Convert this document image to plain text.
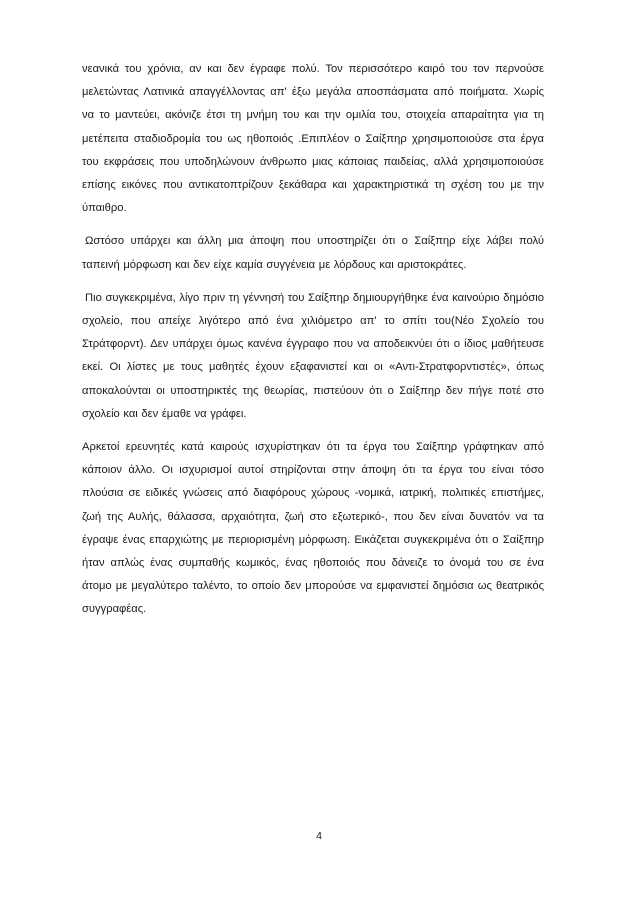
νεανικά του χρόνια, αν και δεν έγραφε πολύ. Τον περισσότερο καιρό του τον περνούσε μελετώντας Λατινικά απαγγέλλοντας απ' έξω μεγάλα αποσπάσματα από ποιήματα. Χωρίς να το μαντεύει, ακόνιζε έτσι τη μνήμη του και την ομιλία του, στοιχεία απαραίτητα για τη μετέπειτα σταδιοδρομία του ως ηθοποιός .Επιπλέον ο Σαίξπηρ χρησιμοποιούσε στα έργα του εκφράσεις που υποδηλώνουν άνθρωπο μιας κάποιας παιδείας, αλλά χρησιμοποιούσε επίσης εικόνες που αντικατοπτρίζουν ξεκάθαρα και χαρακτηριστικά τη σχέση του με την ύπαιθρο.

Ωστόσο υπάρχει και άλλη μια άποψη που υποστηρίζει ότι ο Σαίξπηρ είχε λάβει πολύ ταπεινή μόρφωση και δεν είχε καμία συγγένεια με λόρδους και αριστοκράτες.

Πιο συγκεκριμένα, λίγο πριν τη γέννησή του Σαίξπηρ δημιουργήθηκε ένα καινούριο δημόσιο σχολείο, που απείχε λιγότερο από ένα χιλιόμετρο απ' το σπίτι του(Νέο Σχολείο του Στράτφορντ). Δεν υπάρχει όμως κανένα έγγραφο που να αποδεικνύει ότι ο ίδιος μαθήτευσε εκεί. Οι λίστες με τους μαθητές έχουν εξαφανιστεί και οι «Αντι-Στρατφορντιστές», όπως αποκαλούνται οι υποστηρικτές της θεωρίας, πιστεύουν ότι ο Σαίξπηρ δεν πήγε ποτέ στο σχολείο και δεν έμαθε να γράφει.

Αρκετοί ερευνητές κατά καιρούς ισχυρίστηκαν ότι τα έργα του Σαίξπηρ γράφτηκαν από κάποιον άλλο. Οι ισχυρισμοί αυτοί στηρίζονται στην άποψη ότι τα έργα του είναι τόσο πλούσια σε ειδικές γνώσεις από διαφόρους χώρους -νομικά, ιατρική, πολιτικές επιστήμες, ζωή της Αυλής, θάλασσα, αρχαιότητα, ζωή στο εξωτερικό-, που δεν είναι δυνατόν να τα έγραψε ένας επαρχιώτης με περιορισμένη μόρφωση. Εικάζεται συγκεκριμένα ότι ο Σαίξπηρ ήταν απλώς ένας συμπαθής κωμικός, ένας ηθοποιός που δάνειζε το όνομά του σε ένα άτομο με μεγαλύτερο ταλέντο, το οποίο δεν μπορούσε να εμφανιστεί δημόσια ως θεατρικός συγγραφέας.

4
